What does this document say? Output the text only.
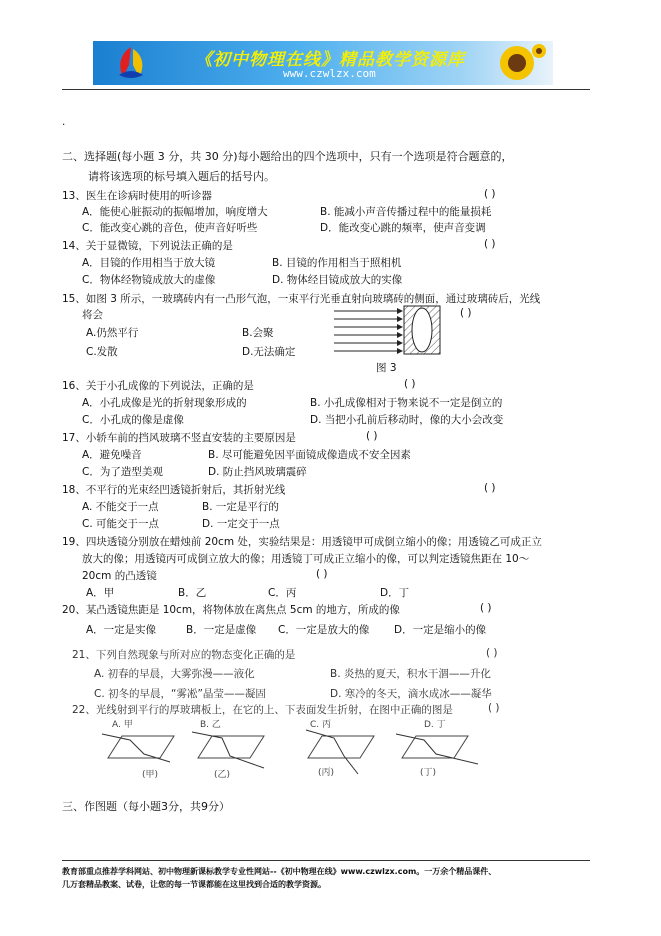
《初中物理在线》精品教学资源库
www.czwlzx.com
.
二、选择题(每小题 3 分，共 30 分)每小题给出的四个选项中，只有一个选项是符合题意的，
请将该选项的标号填入题后的括号内。
13、医生在诊病时使用的听诊器	( )
A．能使心脏振动的振幅增加，响度增大	B. 能减小声音传播过程中的能量损耗
C．能改变心跳的音色，使声音好听些	D．能改变心跳的频率，使声音变调
14、关于显微镜，下列说法正确的是	( )
A．目镜的作用相当于放大镜	B. 目镜的作用相当于照相机
C．物体经物镜成放大的虚像	D. 物体经目镜成放大的实像
15、如图 3 所示，一玻璃砖内有一凸形气泡，一束平行光垂直射向玻璃砖的侧面，通过玻璃砖后，光线
将会	( )
A.仍然平行	B.会聚
C.发散	D.无法确定
图 3
16、关于小孔成像的下列说法，正确的是	( )
A．小孔成像是光的折射现象形成的	B. 小孔成像相对于物来说不一定是倒立的
C．小孔成的像是虚像	D. 当把小孔前后移动时，像的大小会改变
17、小轿车前的挡风玻璃不竖直安装的主要原因是	( )
A．避免噪音	B. 尽可能避免因平面镜成像造成不安全因素
C．为了造型美观	D. 防止挡风玻璃震碎
18、不平行的光束经凹透镜折射后，其折射光线	( )
A. 不能交于一点	B. 一定是平行的
C. 可能交于一点	D. 一定交于一点
19、四块透镜分别放在蜡烛前 20cm 处，实验结果是：用透镜甲可成倒立缩小的像；用透镜乙可成正立
放大的像；用透镜丙可成倒立放大的像；用透镜丁可成正立缩小的像，可以判定透镜焦距在 10～
20cm 的凸透镜	( )
A．甲	B．乙	C．丙	D．丁
20、某凸透镜焦距是 10cm，将物体放在离焦点 5cm 的地方，所成的像	( )
A．一定是实像	B．一定是虚像 C．一定是放大的像 D．一定是缩小的像
21、下列自然现象与所对应的物态变化正确的是	( )
A. 初春的早晨，大雾弥漫——液化	B. 炎热的夏天，积水干涸——升化
C. 初冬的早晨，“雾凇”晶莹——凝固	D. 寒冷的冬天，滴水成冰——凝华
22、光线射到平行的厚玻璃板上，在它的上、下表面发生折射，在图中正确的图是	( )
A. 甲	B. 乙	C. 丙	D. 丁
(甲)	(乙)	(丙)	(丁)
三、作图题（每小题3分，共9分）
教育部重点推荐学科网站、初中物理新课标教学专业性网站--《初中物理在线》www.czwlzx.com。一万余个精品课件、
几万套精品教案、试卷，让您的每一节课都能在这里找到合适的教学资源。
